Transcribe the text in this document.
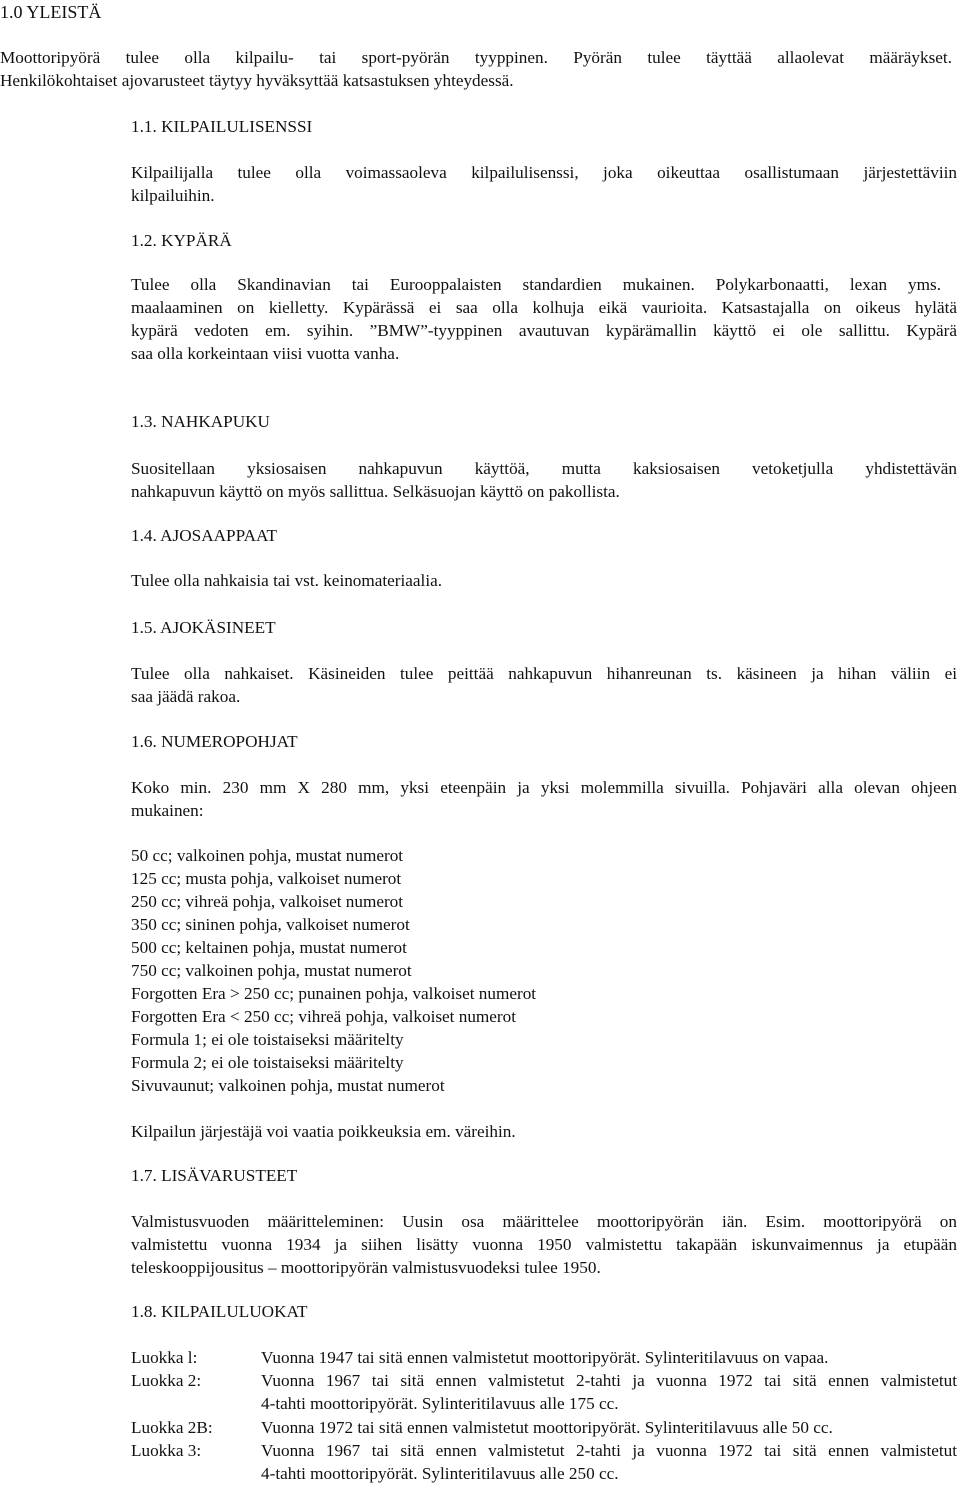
1.0 YLEISTÄ
Moottoripyörä tulee olla kilpailu- tai sport-pyörän tyyppinen. Pyörän tulee täyttää allaolevat määräykset.
Henkilökohtaiset ajovarusteet täytyy hyväksyttää katsastuksen yhteydessä.
1.1. KILPAILULISENSSI
Kilpailijalla tulee olla voimassaoleva kilpailulisenssi, joka oikeuttaa osallistumaan järjestettäviin
kilpailuihin.
1.2. KYPÄRÄ
Tulee olla Skandinavian tai Eurooppalaisten standardien mukainen. Polykarbonaatti, lexan yms.
maalaaminen on kielletty. Kypärässä ei saa olla kolhuja eikä vaurioita. Katsastajalla on oikeus hylätä
kypärä vedoten em. syihin. ”BMW”-tyyppinen avautuvan kypärämallin käyttö ei ole sallittu. Kypärä
saa olla korkeintaan viisi vuotta vanha.
1.3. NAHKAPUKU
Suositellaan yksiosaisen nahkapuvun käyttöä, mutta kaksiosaisen vetoketjulla yhdistettävän
nahkapuvun käyttö on myös sallittua. Selkäsuojan käyttö on pakollista.
1.4. AJOSAAPPAAT
Tulee olla nahkaisia tai vst. keinomateriaalia.
1.5. AJOKÄSINEET
Tulee olla nahkaiset. Käsineiden tulee peittää nahkapuvun hihanreunan ts. käsineen ja hihan väliin ei
saa jäädä rakoa.
1.6. NUMEROPOHJAT
Koko min. 230 mm X 280 mm, yksi eteenpäin ja yksi molemmilla sivuilla. Pohjaväri alla olevan ohjeen
mukainen:
50 cc; valkoinen pohja, mustat numerot
125 cc; musta pohja, valkoiset numerot
250 cc; vihreä pohja, valkoiset numerot
350 cc; sininen pohja, valkoiset numerot
500 cc; keltainen pohja, mustat numerot
750 cc; valkoinen pohja, mustat numerot
Forgotten Era > 250 cc; punainen pohja, valkoiset numerot
Forgotten Era < 250 cc; vihreä pohja, valkoiset numerot
Formula 1; ei ole toistaiseksi määritelty
Formula 2; ei ole toistaiseksi määritelty
Sivuvaunut; valkoinen pohja, mustat numerot
Kilpailun järjestäjä voi vaatia poikkeuksia em. väreihin.
1.7. LISÄVARUSTEET
Valmistusvuoden määritteleminen: Uusin osa määrittelee moottoripyörän iän. Esim. moottoripyörä on
valmistettu vuonna 1934 ja siihen lisätty vuonna 1950 valmistettu takapään iskunvaimennus ja etupään
teleskooppijousitus – moottoripyörän valmistusvuodeksi tulee 1950.
1.8. KILPAILULUOKAT
Luokka l:	Vuonna 1947 tai sitä ennen valmistetut moottoripyörät. Sylinteritilavuus on vapaa.
Luokka 2:	Vuonna 1967 tai sitä ennen valmistetut 2-tahti ja vuonna 1972 tai sitä ennen valmistetut
4-tahti moottoripyörät. Sylinteritilavuus alle 175 cc.
Luokka 2B:	Vuonna 1972 tai sitä ennen valmistetut moottoripyörät. Sylinteritilavuus alle 50 cc.
Luokka 3:	Vuonna 1967 tai sitä ennen valmistetut 2-tahti ja vuonna 1972 tai sitä ennen valmistetut
4-tahti moottoripyörät. Sylinteritilavuus alle 250 cc.
